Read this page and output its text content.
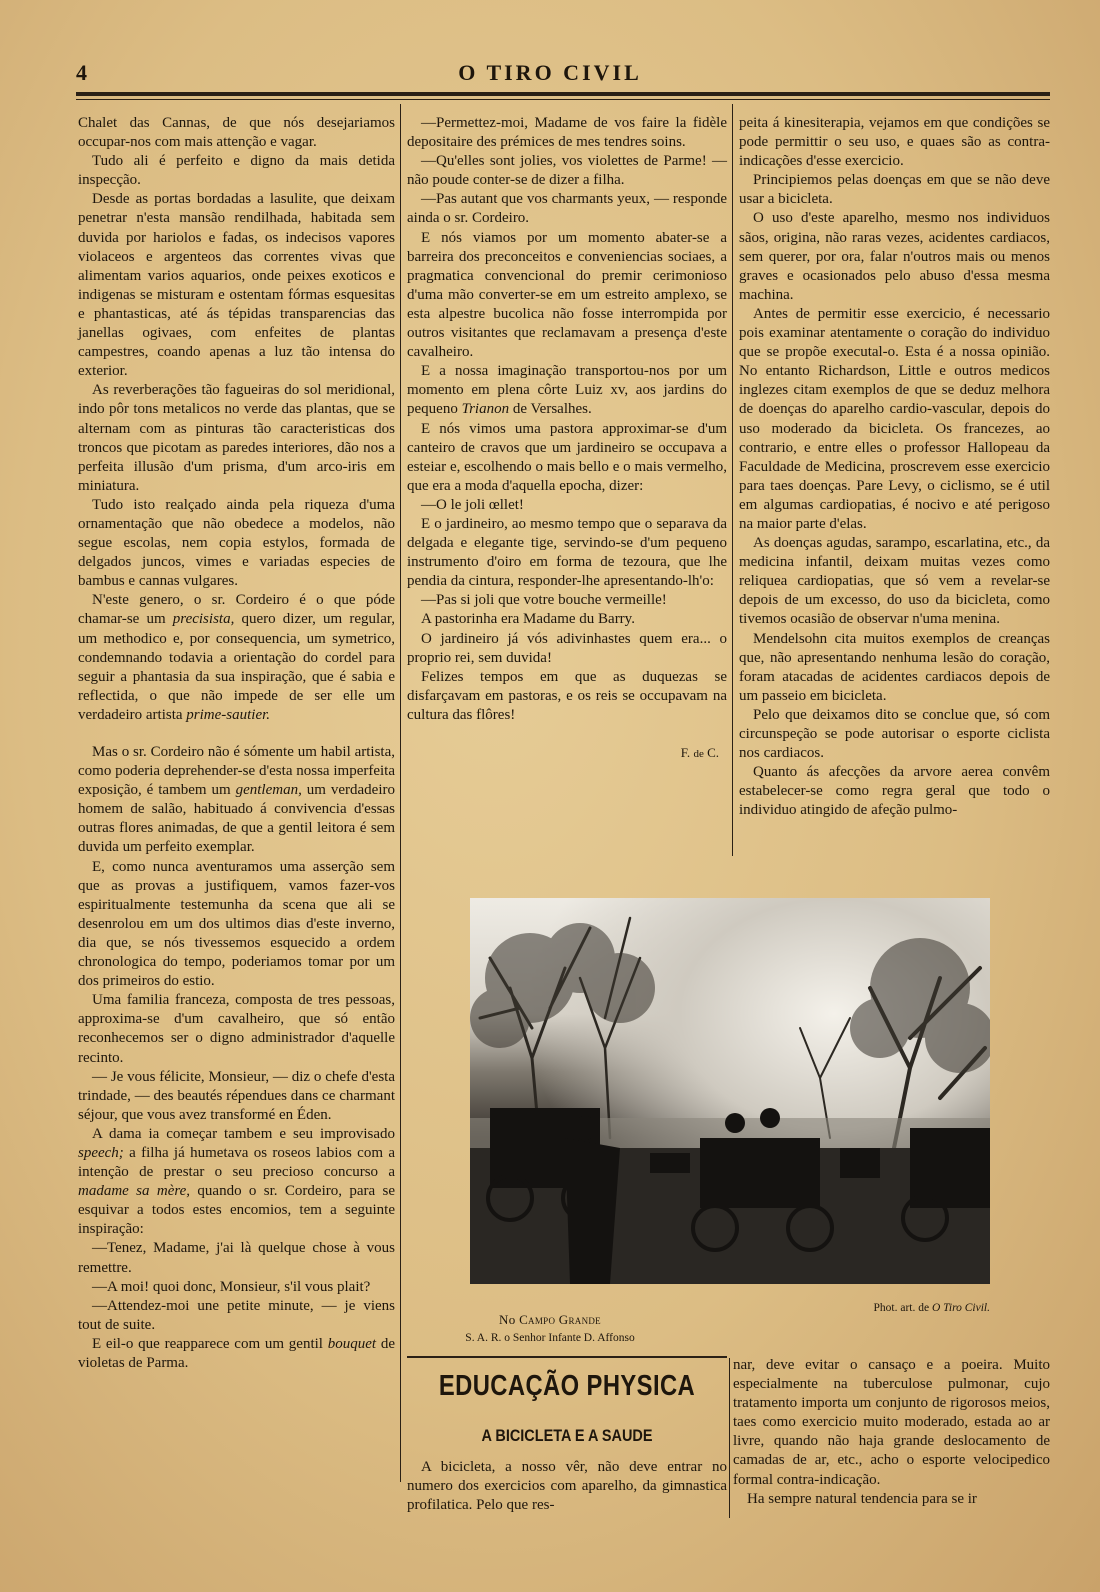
4	O TIRO CIVIL

Chalet das Cannas, de que nós desejariamos occupar-nos com mais attenção e vagar.

Tudo ali é perfeito e digno da mais detida inspecção.

Desde as portas bordadas a lasulite, que deixam penetrar n'esta mansão rendilhada, habitada sem duvida por hariolos e fadas, os indecisos vapores violaceos e argenteos das correntes vivas que alimentam varios aquarios, onde peixes exoticos e indigenas se misturam e ostentam fórmas esquesitas e phantasticas, até ás tépidas transparencias das janellas ogivaes, com enfeites de plantas campestres, coando apenas a luz tão intensa do exterior.

As reverberações tão fagueiras do sol meridional, indo pôr tons metalicos no verde das plantas, que se alternam com as pinturas tão caracteristicas dos troncos que picotam as paredes interiores, dão nos a perfeita illusão d'um prisma, d'um arco-iris em miniatura.

Tudo isto realçado ainda pela riqueza d'uma ornamentação que não obedece a modelos, não segue escolas, nem copia estylos, formada de delgados juncos, vimes e variadas especies de bambus e cannas vulgares.

N'este genero, o sr. Cordeiro é o que póde chamar-se um precisista, quero dizer, um regular, um methodico e, por consequencia, um symetrico, condemnando todavia a orientação do cordel para seguir a phantasia da sua inspiração, que é sabia e reflectida, o que não impede de ser elle um verdadeiro artista prime-sautier.

Mas o sr. Cordeiro não é sómente um habil artista, como poderia deprehender-se d'esta nossa imperfeita exposição, é tambem um gentleman, um verdadeiro homem de salão, habituado á convivencia d'essas outras flores animadas, de que a gentil leitora é sem duvida um perfeito exemplar.

E, como nunca aventuramos uma asserção sem que as provas a justifiquem, vamos fazer-vos espiritualmente testemunha da scena que ali se desenrolou em um dos ultimos dias d'este inverno, dia que, se nós tivessemos esquecido a ordem chronologica do tempo, poderiamos tomar por um dos primeiros do estio.

Uma familia franceza, composta de tres pessoas, approxima-se d'um cavalheiro, que só então reconhecemos ser o digno administrador d'aquelle recinto.

— Je vous félicite, Monsieur, — diz o chefe d'esta trindade, — des beautés répendues dans ce charmant séjour, que vous avez transformé en Éden.

A dama ia começar tambem e seu improvisado speech; a filha já humetava os roseos labios com a intenção de prestar o seu precioso concurso a madame sa mère, quando o sr. Cordeiro, para se esquivar a todos estes encomios, tem a seguinte inspiração:

—Tenez, Madame, j'ai là quelque chose à vous remettre.

—A moi! quoi donc, Monsieur, s'il vous plait?

—Attendez-moi une petite minute, — je viens tout de suite.

E eil-o que reapparece com um gentil bouquet de violetas de Parma.

—Permettez-moi, Madame de vos faire la fidèle depositaire des prémices de mes tendres soins.

—Qu'elles sont jolies, vos violettes de Parme! — não poude conter-se de dizer a filha.

—Pas autant que vos charmants yeux, — responde ainda o sr. Cordeiro.

E nós viamos por um momento abater-se a barreira dos preconceitos e conveniencias sociaes, a pragmatica convencional do premir cerimonioso d'uma mão converter-se em um estreito amplexo, se esta alpestre bucolica não fosse interrompida por outros visitantes que reclamavam a presença d'este cavalheiro.

E a nossa imaginação transportou-nos por um momento em plena côrte Luiz xv, aos jardins do pequeno Trianon de Versalhes.

E nós vimos uma pastora approximar-se d'um canteiro de cravos que um jardineiro se occupava a esteiar e, escolhendo o mais bello e o mais vermelho, que era a moda d'aquella epocha, dizer:

—O le joli œllet!

E o jardineiro, ao mesmo tempo que o separava da delgada e elegante tige, servindo-se d'um pequeno instrumento d'oiro em forma de tezoura, que lhe pendia da cintura, responder-lhe apresentando-lh'o:

—Pas si joli que votre bouche vermeille!

A pastorinha era Madame du Barry.

O jardineiro já vós adivinhastes quem era... o proprio rei, sem duvida!

Felizes tempos em que as duquezas se disfarçavam em pastoras, e os reis se occupavam na cultura das flôres!

F. de C.

peita á kinesiterapia, vejamos em que condições se pode permittir o seu uso, e quaes são as contra-indicações d'esse exercicio.

Principiemos pelas doenças em que se não deve usar a bicicleta.

O uso d'este aparelho, mesmo nos individuos sãos, origina, não raras vezes, acidentes cardiacos, sem querer, por ora, falar n'outros mais ou menos graves e ocasionados pelo abuso d'essa mesma machina.

Antes de permitir esse exercicio, é necessario pois examinar atentamente o coração do individuo que se propõe executal-o. Esta é a nossa opinião. No entanto Richardson, Little e outros medicos inglezes citam exemplos de que se deduz melhora de doenças do aparelho cardio-vascular, depois do uso moderado da bicicleta. Os francezes, ao contrario, e entre elles o professor Hallopeau da Faculdade de Medicina, proscrevem esse exercicio para taes doenças. Pare Levy, o ciclismo, se é util em algumas cardiopatias, é nocivo e até perigoso na maior parte d'elas.

As doenças agudas, sarampo, escarlatina, etc., da medicina infantil, deixam muitas vezes como reliquea cardiopatias, que só vem a revelar-se depois de um excesso, do uso da bicicleta, como tivemos ocasião de observar n'uma menina.

Mendelsohn cita muitos exemplos de creanças que, não apresentando nenhuma lesão do coração, foram atacadas de acidentes cardiacos depois de um passeio em bicicleta.

Pelo que deixamos dito se conclue que, só com circunspeção se pode autorisar o esporte ciclista nos cardiacos.

Quanto ás afecções da arvore aerea convêm estabelecer-se como regra geral que todo o individuo atingido de afeção pulmo-

Phot. art. de O Tiro Civil.
No Campo Grande
S. A. R. o Senhor Infante D. Affonso
EDUCAÇÃO PHYSICA
A BICICLETA E A SAUDE

A bicicleta, a nosso vêr, não deve entrar no numero dos exercicios com aparelho, da gimnastica profilatica. Pelo que res-

nar, deve evitar o cansaço e a poeira. Muito especialmente na tuberculose pulmonar, cujo tratamento importa um conjunto de rigorosos meios, taes como exercicio muito moderado, estada ao ar livre, quando não haja grande deslocamento de camadas de ar, etc., acho o esporte velocipedico formal contra-indicação.

Ha sempre natural tendencia para se ir
